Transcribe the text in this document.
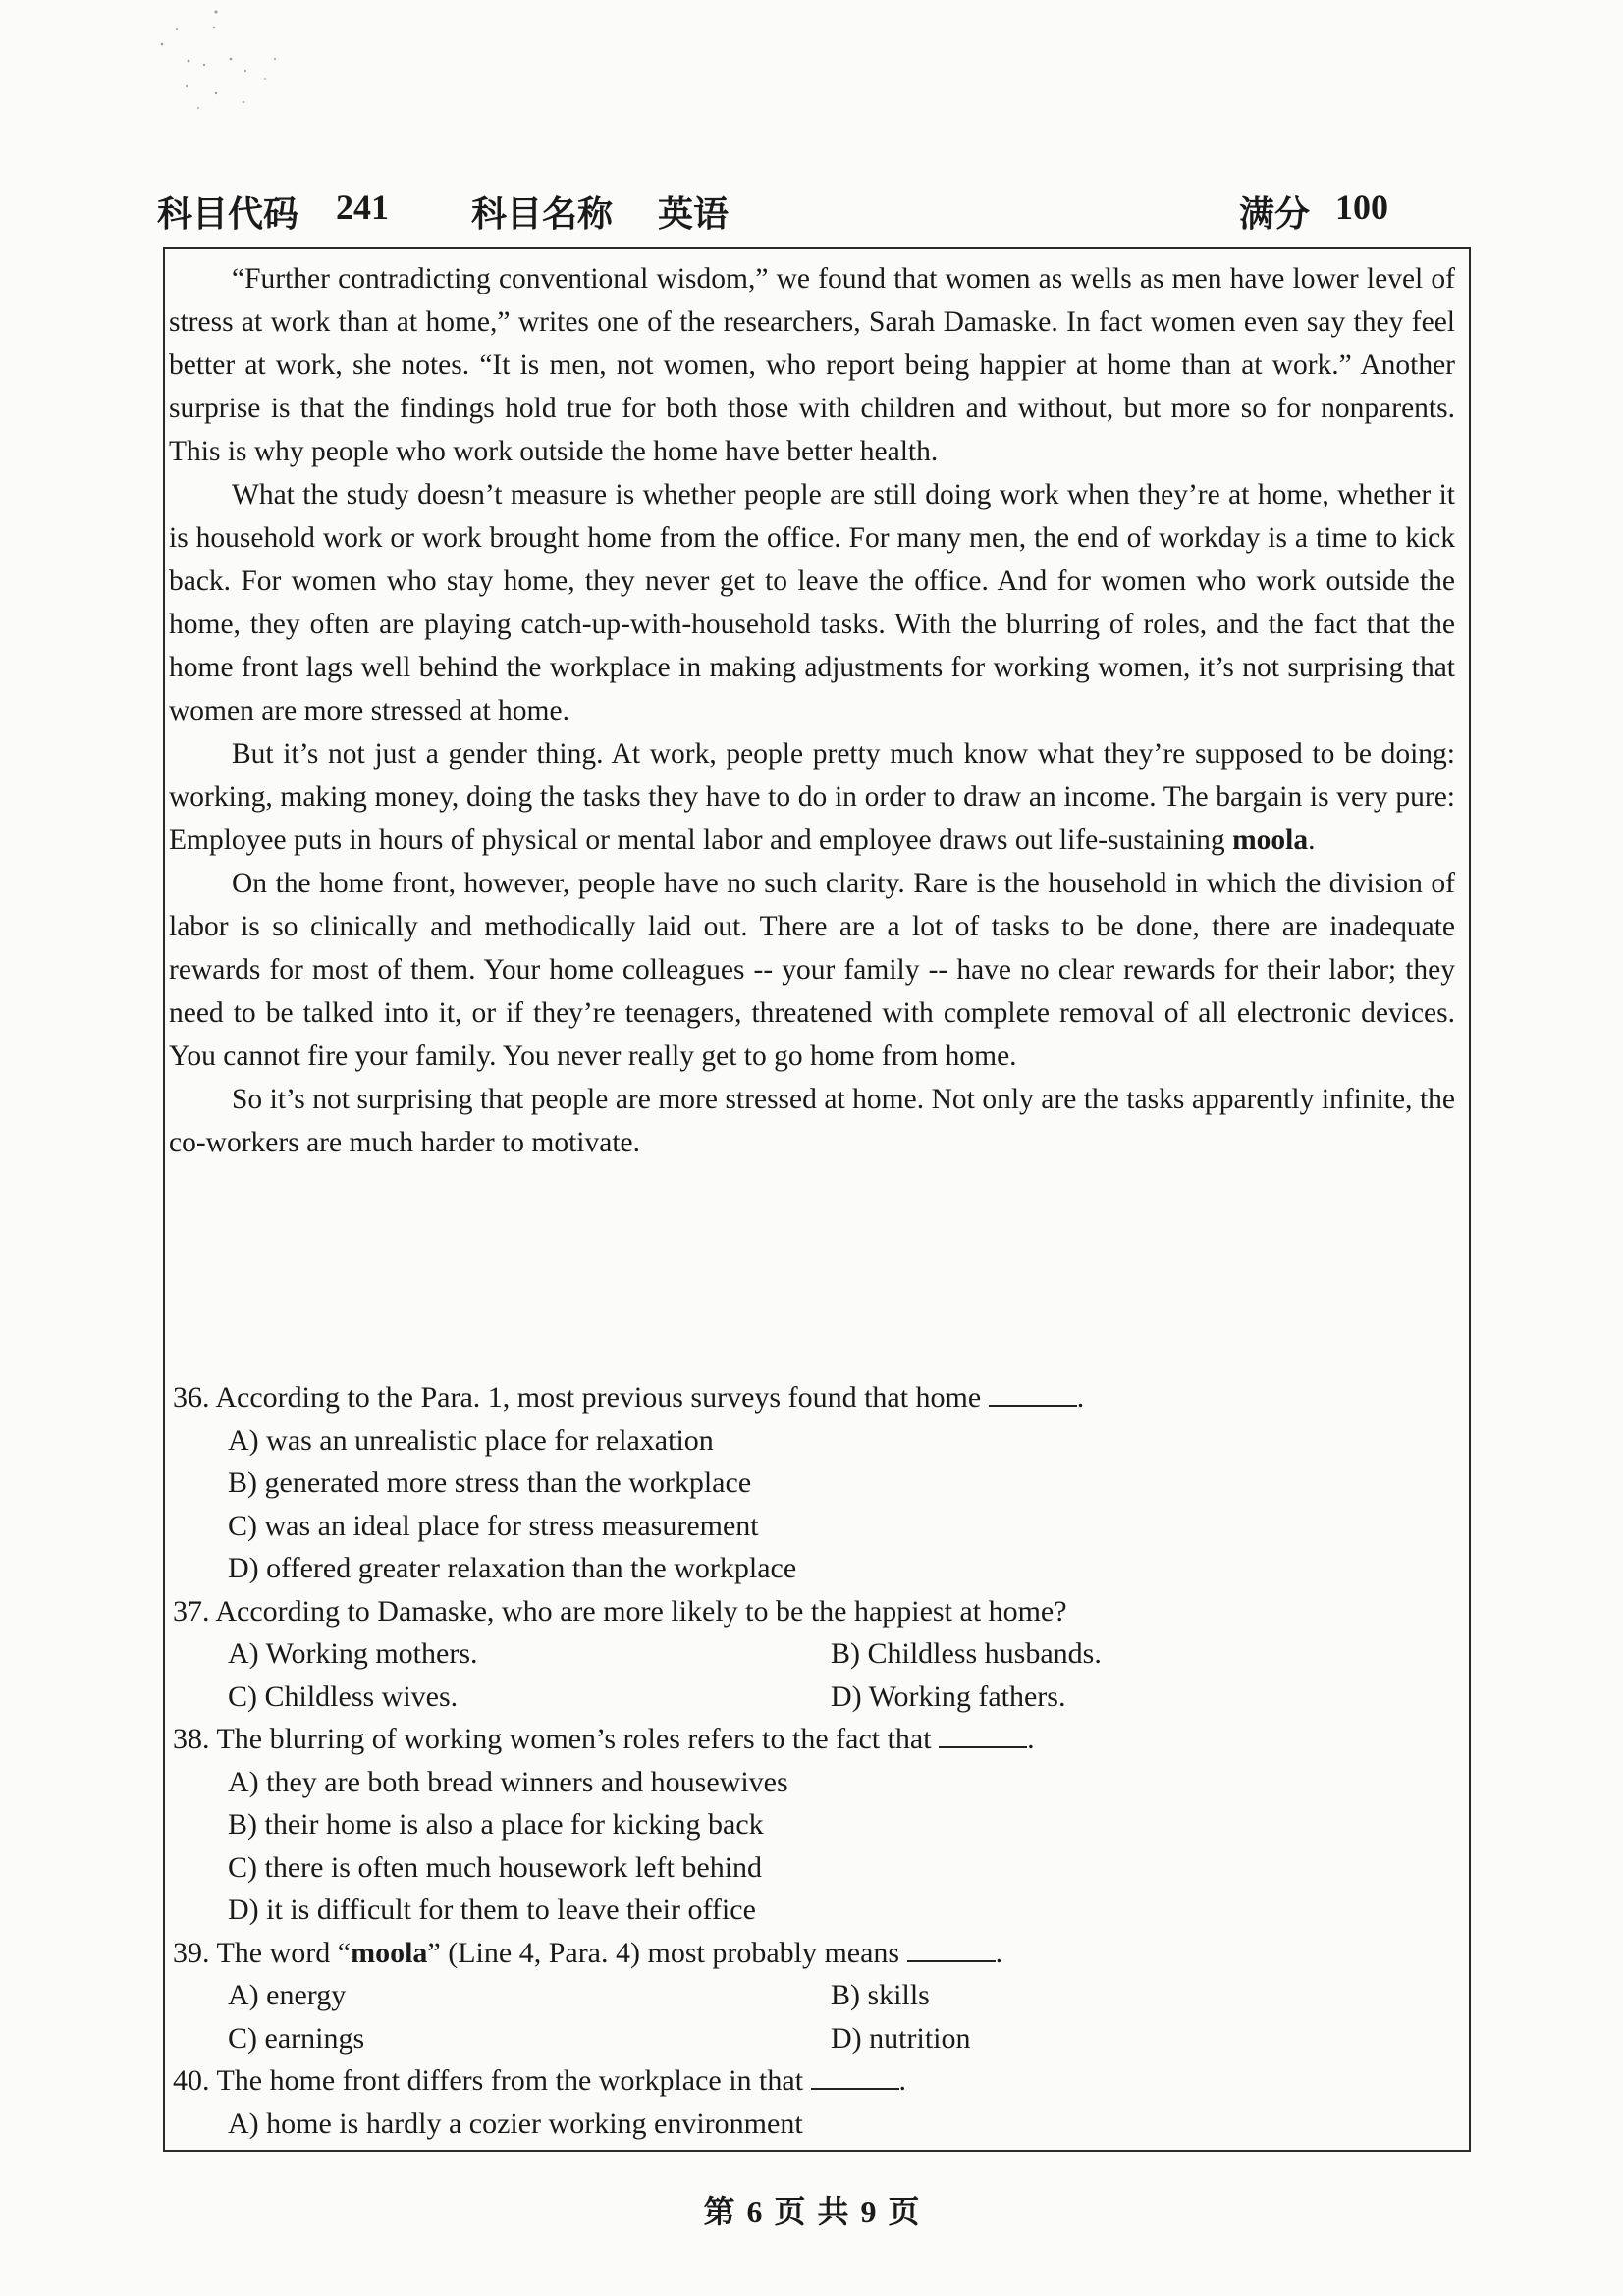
科目代码 241 科目名称 英语	满分 100

“Further contradicting conventional wisdom,” we found that women as wells as men have lower level of stress at work than at home,” writes one of the researchers, Sarah Damaske. In fact women even say they feel better at work, she notes. “It is men, not women, who report being happier at home than at work.” Another surprise is that the findings hold true for both those with children and without, but more so for nonparents. This is why people who work outside the home have better health.

What the study doesn’t measure is whether people are still doing work when they’re at home, whether it is household work or work brought home from the office. For many men, the end of workday is a time to kick back. For women who stay home, they never get to leave the office. And for women who work outside the home, they often are playing catch-up-with-household tasks. With the blurring of roles, and the fact that the home front lags well behind the workplace in making adjustments for working women, it’s not surprising that women are more stressed at home.

But it’s not just a gender thing. At work, people pretty much know what they’re supposed to be doing: working, making money, doing the tasks they have to do in order to draw an income. The bargain is very pure: Employee puts in hours of physical or mental labor and employee draws out life-sustaining moola.

On the home front, however, people have no such clarity. Rare is the household in which the division of labor is so clinically and methodically laid out. There are a lot of tasks to be done, there are inadequate rewards for most of them. Your home colleagues -- your family -- have no clear rewards for their labor; they need to be talked into it, or if they’re teenagers, threatened with complete removal of all electronic devices. You cannot fire your family. You never really get to go home from home.

So it’s not surprising that people are more stressed at home. Not only are the tasks apparently infinite, the co-workers are much harder to motivate.

36. According to the Para. 1, most previous surveys found that home	.

A) was an unrealistic place for relaxation

B) generated more stress than the workplace

C) was an ideal place for stress measurement

D) offered greater relaxation than the workplace

37. According to Damaske, who are more likely to be the happiest at home?

A) Working mothers.	B) Childless husbands.
C) Childless wives.	D) Working fathers.

38. The blurring of working women’s roles refers to the fact that	.

A) they are both bread winners and housewives

B) their home is also a place for kicking back

C) there is often much housework left behind

D) it is difficult for them to leave their office

39. The word “moola” (Line 4, Para. 4) most probably means	.

A) energy	B) skills
C) earnings	D) nutrition

40. The home front differs from the workplace in that	.

A) home is hardly a cozier working environment

第 6 页 共 9 页
